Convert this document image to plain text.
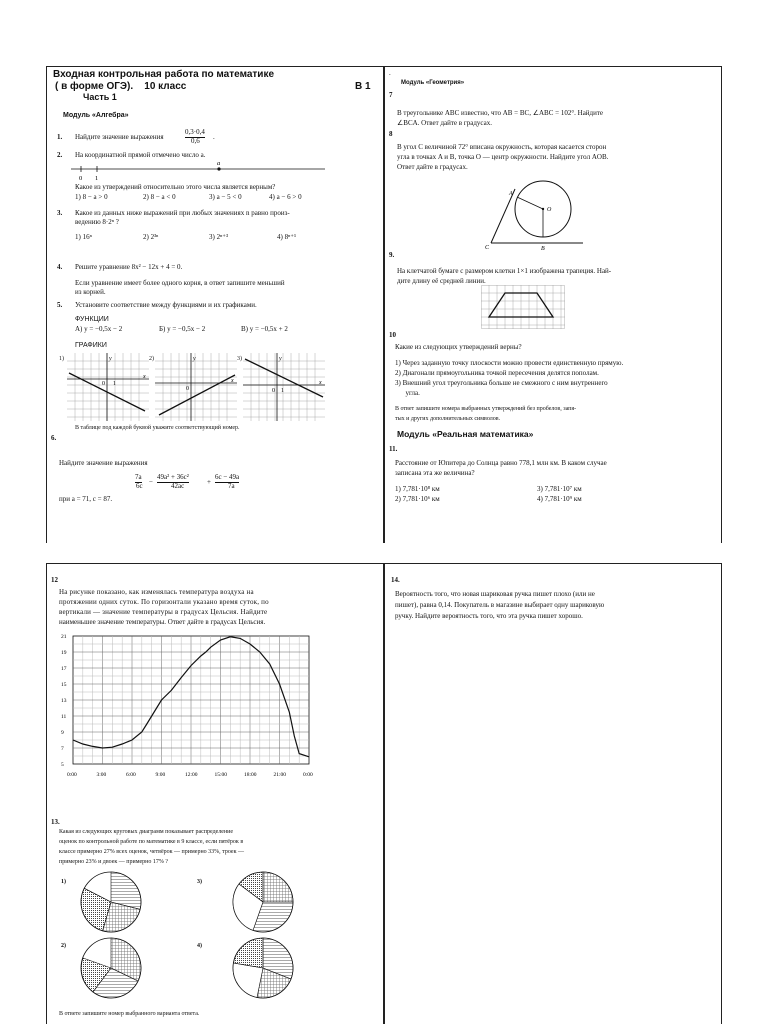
Входная контрольная работа по математике
( в форме ОГЭ).    10 класс	В 1
Часть 1
Модуль «Алгебра»
1. Найдите значение выражения
0,3·0,4
0,6 .
2. На координатной прямой отмечено число a.
0 1
a
Какое из утверждений относительно этого числа является верным?
1) 8 − a > 0	2) 8 − a < 0	3) a − 5 < 0	4) a − 6 > 0
3. Какое из данных ниже выражений при любых значениях n равно произ-
ведению 8·2ⁿ ?
1) 16ⁿ	2) 2³ⁿ	3) 2ⁿ⁺³	4) 8ⁿ⁺¹
4. Решите уравнение 8x² − 12x + 4 = 0.
Если уравнение имеет более одного корня, в ответ запишите меньший
из корней.
5. Установите соответствие между функциями и их графиками.
ФУНКЦИИ
А) y = −0,5x − 2	Б) y = −0,5x − 2	В) y = −0,5x + 2
ГРАФИКИ
1)	2)	3)
y
x
0 1
y
x
0
y
x
0 1
В таблице под каждой буквой укажите соответствующий номер.
6.
Найдите значение выражения
7a
6c −
49a² + 36c²
42ac	+
6c − 49a
7a
при a = 71, c = 87.
.
Модуль «Геометрия»
7
В треугольнике ABC известно, что AB = BC, ∠ABC = 102°. Найдите
∠BCA. Ответ дайте в градусах.
8
В угол C величиной 72° вписана окружность, которая касается сторон
угла в точках A и B, точка O — центр окружности. Найдите угол AOB.
Ответ дайте в градусах.
A
B
C
O
9.
На клетчатой бумаге с размером клетки 1×1 изображена трапеция. Най-
дите длину её средней линии.
10
Какие из следующих утверждений верны?
1) Через заданную точку плоскости можно провести единственную прямую.
2) Диагонали прямоугольника точкой пересечения делятся пополам.
3) Внешний угол треугольника больше не смежного с ним внутреннего
угла.
В ответ запишите номера выбранных утверждений без пробелов, запя-
тых и других дополнительных символов.
Модуль «Реальная математика»
11.
Расстояние от Юпитера до Солнца равно 778,1 млн км. В каком случае
записана эта же величина?
1) 7,781·10⁸ км	3) 7,781·10⁷ км
2) 7,781·10⁶ км	4) 7,781·10⁹ км
12
На рисунке показано, как изменялась температура воздуха на
протяжении одних суток. По горизонтали указано время суток, по
вертикали — значение температуры в градусах Цельсия. Найдите
наименьшее значение температуры. Ответ дайте в градусах Цельсия.
21
19
17
15
13
11
9
7
5
0:00	3:00	6:00	9:00	12:00	15:00	18:00	21:00	0:00
13.
Какая из следующих круговых диаграмм показывает распределение
оценок по контрольной работе по математике в 9 классе, если пятёрок в
классе примерно 27% всех оценок, четвёрок — примерно 33%, троек —
примерно 23% и двоек — примерно 17% ?
1)	3)
2)	4)
В ответе запишите номер выбранного варианта ответа.
14.
Вероятность того, что новая шариковая ручка пишет плохо (или не
пишет), равна 0,14. Покупатель в магазине выбирает одну шариковую
ручку. Найдите вероятность того, что эта ручка пишет хорошо.
